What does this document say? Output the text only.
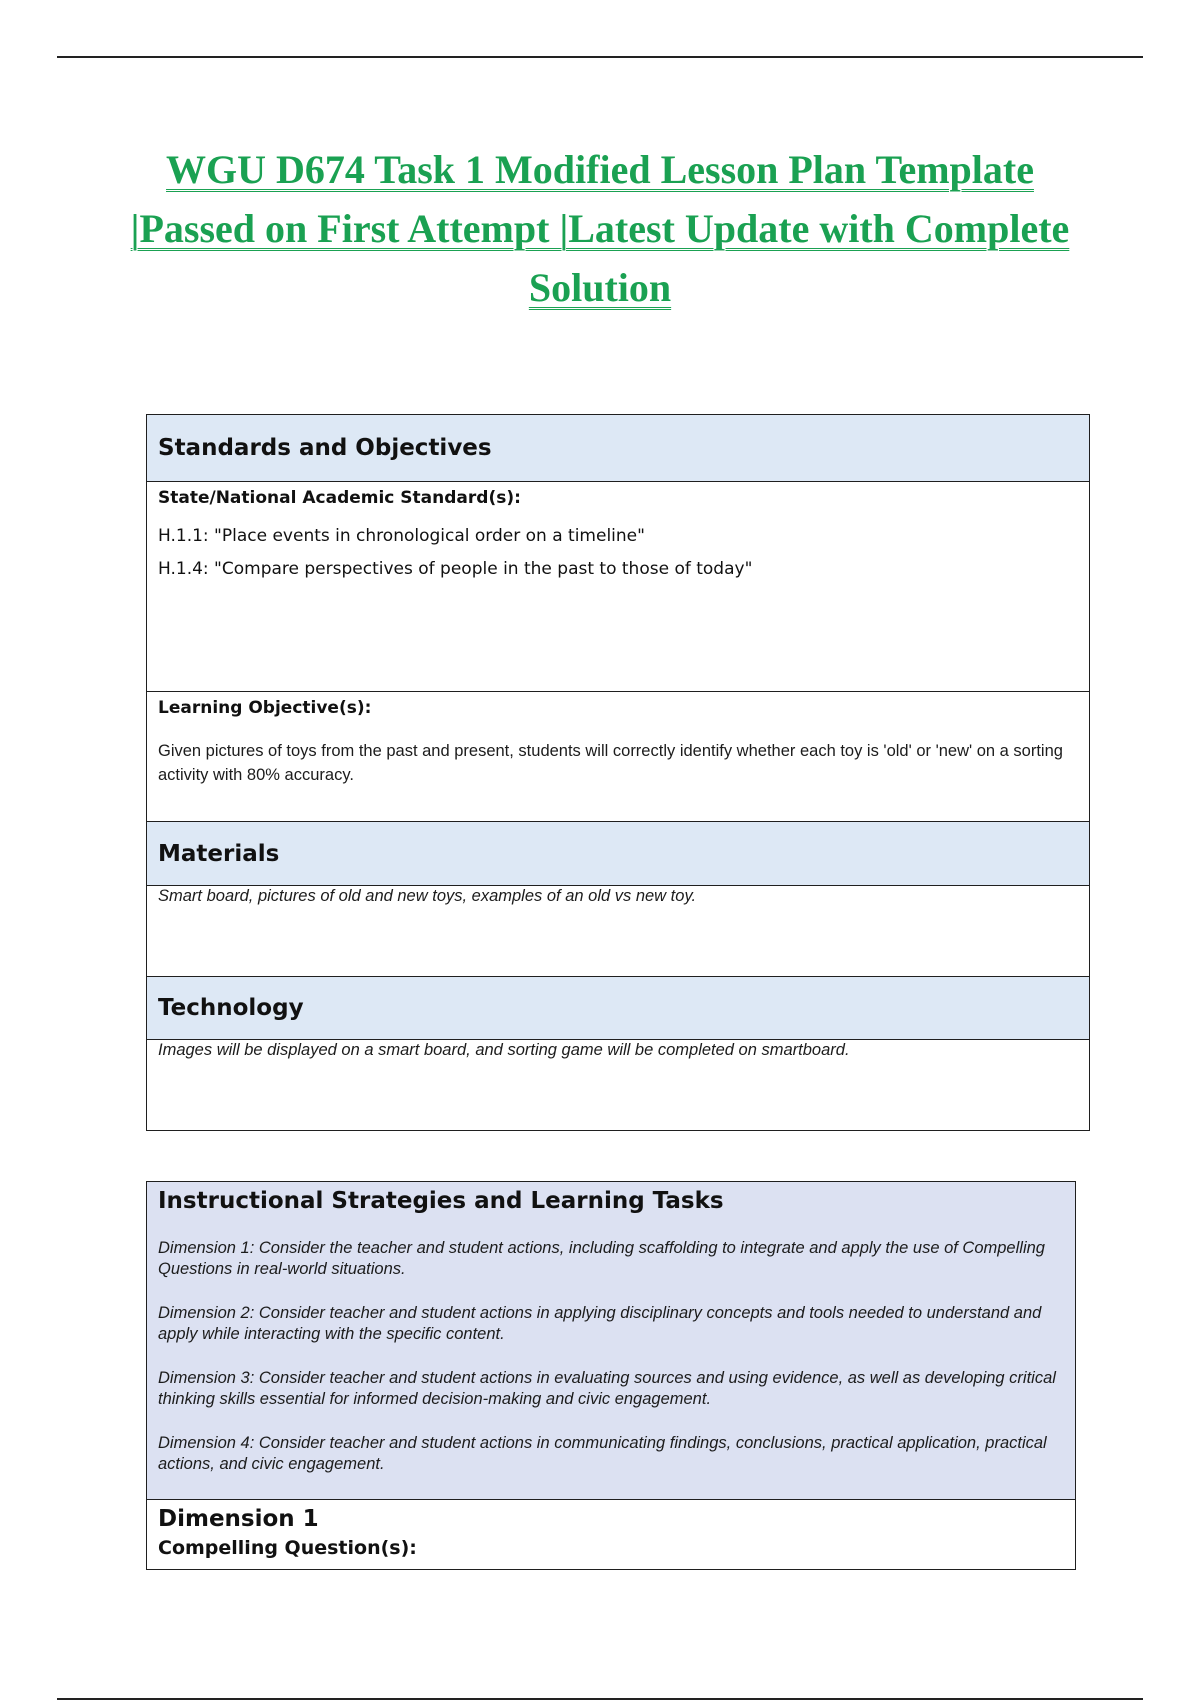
WGU D674 Task 1 Modified Lesson Plan Template |Passed on First Attempt |Latest Update with Complete Solution
Standards and Objectives

State/National Academic Standard(s):
H.1.1: "Place events in chronological order on a timeline"
H.1.4: "Compare perspectives of people in the past to those of today"

Learning Objective(s):
Given pictures of toys from the past and present, students will correctly identify whether each toy is 'old' or 'new' on a sorting activity with 80% accuracy.

Materials

Smart board, pictures of old and new toys, examples of an old vs new toy.

Technology

Images will be displayed on a smart board, and sorting game will be completed on smartboard.
Instructional Strategies and Learning Tasks
Dimension 1: Consider the teacher and student actions, including scaffolding to integrate and apply the use of Compelling Questions in real-world situations.
Dimension 2: Consider teacher and student actions in applying disciplinary concepts and tools needed to understand and apply while interacting with the specific content.
Dimension 3: Consider teacher and student actions in evaluating sources and using evidence, as well as developing critical thinking skills essential for informed decision-making and civic engagement.
Dimension 4: Consider teacher and student actions in communicating findings, conclusions, practical application, practical actions, and civic engagement.

Dimension 1
Compelling Question(s):
